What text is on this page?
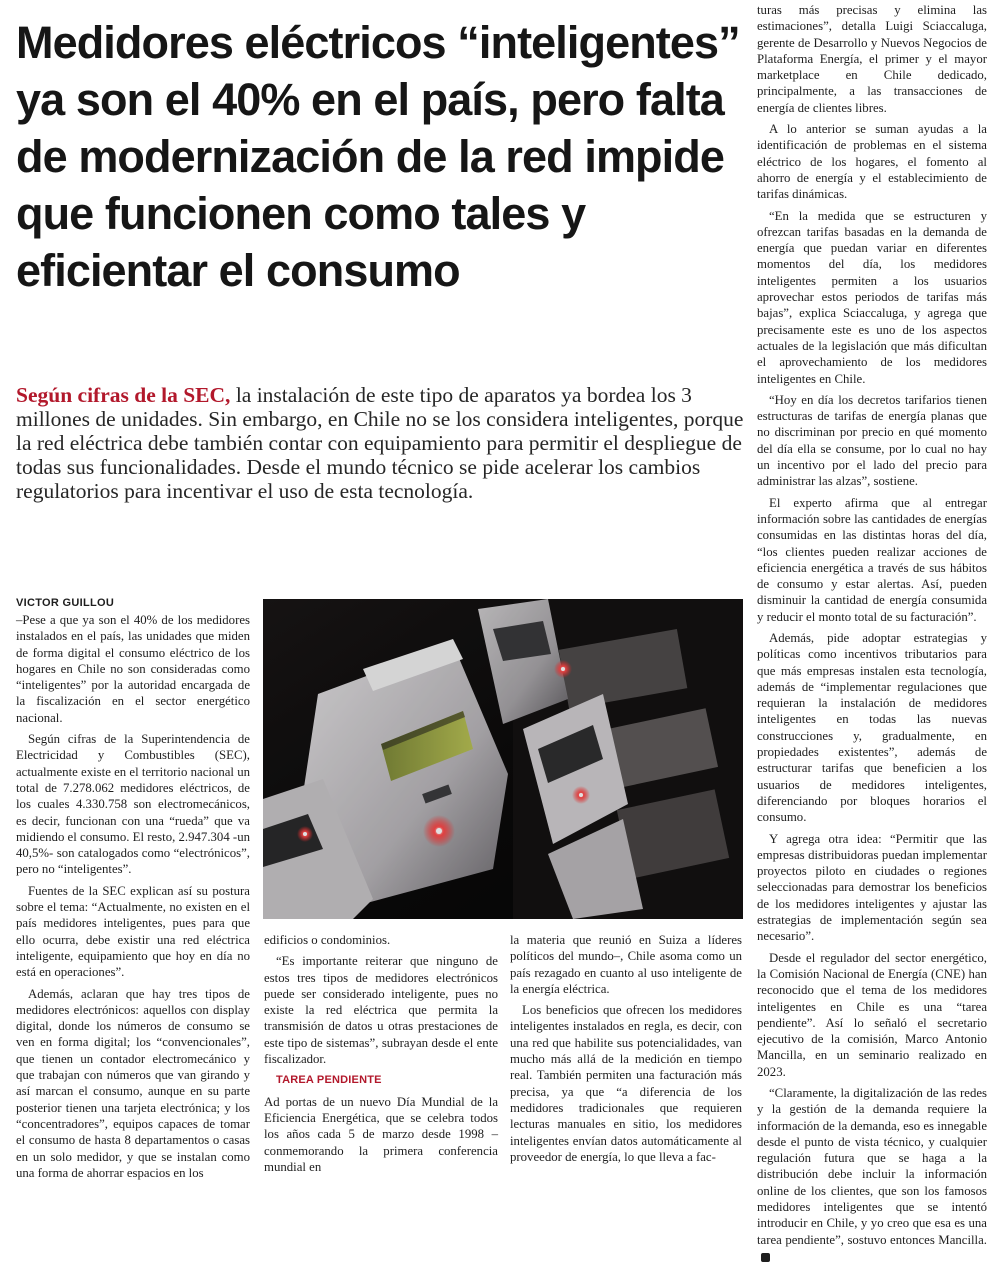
Medidores eléctricos “inteligentes” ya son el 40% en el país, pero falta de modernización de la red impide que funcionen como tales y eficientar el consumo

Según cifras de la SEC, la instalación de este tipo de aparatos ya bordea los 3 millones de unidades. Sin embargo, en Chile no se los considera inteligentes, porque la red eléctrica debe también contar con equipamiento para permitir el despliegue de todas sus funcionalidades. Desde el mundo técnico se pide acelerar los cambios regulatorios para incentivar el uso de esta tecnología.

VICTOR GUILLOU

–Pese a que ya son el 40% de los medidores instalados en el país, las unidades que miden de forma digital el consumo eléctrico de los hogares en Chile no son consideradas como “inteligentes” por la autoridad encargada de la fiscalización en el sector energético nacional.

Según cifras de la Superintendencia de Electricidad y Combustibles (SEC), actualmente existe en el territorio nacional un total de 7.278.062 medidores eléctricos, de los cuales 4.330.758 son electromecánicos, es decir, funcionan con una “rueda” que va midiendo el consumo. El resto, 2.947.304 -un 40,5%- son catalogados como “electrónicos”, pero no “inteligentes”.

Fuentes de la SEC explican así su postura sobre el tema: “Actualmente, no existen en el país medidores inteligentes, pues para que ello ocurra, debe existir una red eléctrica inteligente, equipamiento que hoy en día no está en operaciones”.

Además, aclaran que hay tres tipos de medidores electrónicos: aquellos con display digital, donde los números de consumo se ven en forma digital; los “convencionales”, que tienen un contador electromecánico y que trabajan con números que van girando y así marcan el consumo, aunque en su parte posterior tienen una tarjeta electrónica; y los “concentradores”, equipos capaces de tomar el consumo de hasta 8 departamentos o casas en un solo medidor, y que se instalan como una forma de ahorrar espacios en los

edificios o condominios.

“Es importante reiterar que ninguno de estos tres tipos de medidores electrónicos puede ser considerado inteligente, pues no existe la red eléctrica que permita la transmisión de datos u otras prestaciones de este tipo de sistemas”, subrayan desde el ente fiscalizador.

TAREA PENDIENTE

Ad portas de un nuevo Día Mundial de la Eficiencia Energética, que se celebra todos los años cada 5 de marzo desde 1998 –conmemorando la primera conferencia mundial en

la materia que reunió en Suiza a líderes políticos del mundo–, Chile asoma como un país rezagado en cuanto al uso inteligente de la energía eléctrica.

Los beneficios que ofrecen los medidores inteligentes instalados en regla, es decir, con una red que habilite sus potencialidades, van mucho más allá de la medición en tiempo real. También permiten una facturación más precisa, ya que “a diferencia de los medidores tradicionales que requieren lecturas manuales en sitio, los medidores inteligentes envían datos automáticamente al proveedor de energía, lo que lleva a fac-

turas más precisas y elimina las estimaciones”, detalla Luigi Sciaccaluga, gerente de Desarrollo y Nuevos Negocios de Plataforma Energía, el primer y el mayor marketplace en Chile dedicado, principalmente, a las transacciones de energía de clientes libres.

A lo anterior se suman ayudas a la identificación de problemas en el sistema eléctrico de los hogares, el fomento al ahorro de energía y el establecimiento de tarifas dinámicas.

“En la medida que se estructuren y ofrezcan tarifas basadas en la demanda de energía que puedan variar en diferentes momentos del día, los medidores inteligentes permiten a los usuarios aprovechar estos periodos de tarifas más bajas”, explica Sciaccaluga, y agrega que precisamente este es uno de los aspectos actuales de la legislación que más dificultan el aprovechamiento de los medidores inteligentes en Chile.

“Hoy en día los decretos tarifarios tienen estructuras de tarifas de energía planas que no discriminan por precio en qué momento del día ella se consume, por lo cual no hay un incentivo por el lado del precio para administrar las alzas”, sostiene.

El experto afirma que al entregar información sobre las cantidades de energías consumidas en las distintas horas del día, “los clientes pueden realizar acciones de eficiencia energética a través de sus hábitos de consumo y estar alertas. Así, pueden disminuir la cantidad de energía consumida y reducir el monto total de su facturación”.

Además, pide adoptar estrategias y políticas como incentivos tributarios para que más empresas instalen esta tecnología, además de “implementar regulaciones que requieran la instalación de medidores inteligentes en todas las nuevas construcciones y, gradualmente, en propiedades existentes”, además de estructurar tarifas que beneficien a los usuarios de medidores inteligentes, diferenciando por bloques horarios el consumo.

Y agrega otra idea: “Permitir que las empresas distribuidoras puedan implementar proyectos piloto en ciudades o regiones seleccionadas para demostrar los beneficios de los medidores inteligentes y ajustar las estrategias de implementación según sea necesario”.

Desde el regulador del sector energético, la Comisión Nacional de Energía (CNE) han reconocido que el tema de los medidores inteligentes en Chile es una “tarea pendiente”. Así lo señaló el secretario ejecutivo de la comisión, Marco Antonio Mancilla, en un seminario realizado en 2023.

“Claramente, la digitalización de las redes y la gestión de la demanda requiere la información de la demanda, eso es innegable desde el punto de vista técnico, y cualquier regulación futura que se haga a la distribución debe incluir la información online de los clientes, que son los famosos medidores inteligentes que se intentó introducir en Chile, y yo creo que esa es una tarea pendiente”, sostuvo entonces Mancilla.
